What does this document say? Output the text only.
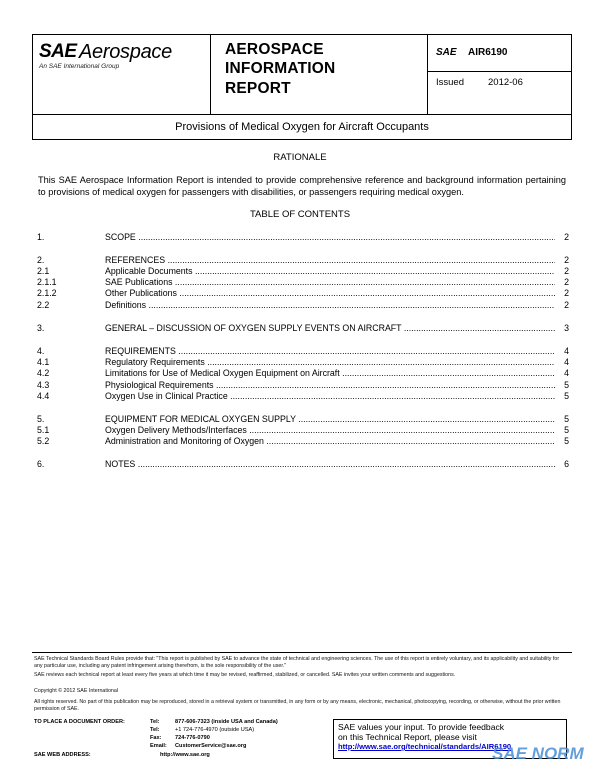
SAE Aerospace
An SAE International Group
AEROSPACE
INFORMATION
REPORT
SAE AIR6190
Issued	2012-06
Provisions of Medical Oxygen for Aircraft Occupants
RATIONALE
This SAE Aerospace Information Report is intended to provide comprehensive reference and background information pertaining to provisions of medical oxygen for passengers with disabilities, or passengers requiring medical oxygen.
TABLE OF CONTENTS
1.	SCOPE .....	2
2.	REFERENCES .....	2
2.1	Applicable Documents .....	2
2.1.1	SAE Publications .....	2
2.1.2	Other Publications .....	2
2.2	Definitions .....	2
3.	GENERAL – DISCUSSION OF OXYGEN SUPPLY EVENTS ON AIRCRAFT .....	3
4.	REQUIREMENTS .....	4
4.1	Regulatory Requirements .....	4
4.2	Limitations for Use of Medical Oxygen Equipment on Aircraft .....	4
4.3	Physiological Requirements .....	5
4.4	Oxygen Use in Clinical Practice .....	5
5.	EQUIPMENT FOR MEDICAL OXYGEN SUPPLY .....	5
5.1	Oxygen Delivery Methods/Interfaces .....	5
5.2	Administration and Monitoring of Oxygen .....	5
6.	NOTES .....	6
SAE Technical Standards Board Rules provide that: "This report is published by SAE to advance the state of technical and engineering sciences. The use of this report is entirely voluntary, and its applicability and suitability for any particular use, including any patent infringement arising therefrom, is the sole responsibility of the user."
SAE reviews each technical report at least every five years at which time it may be revised, reaffirmed, stabilized, or cancelled. SAE invites your written comments and suggestions.
Copyright © 2012 SAE International
All rights reserved. No part of this publication may be reproduced, stored in a retrieval system or transmitted, in any form or by any means, electronic, mechanical, photocopying, recording, or otherwise, without the prior written permission of SAE.
TO PLACE A DOCUMENT ORDER:	Tel:	877-606-7323 (inside USA and Canada)
Tel:	+1 724-776-4970 (outside USA)
Fax: 724-776-0790
Email: CustomerService@sae.org
SAE WEB ADDRESS:	http://www.sae.org
SAE values your input. To provide feedback
on this Technical Report, please visit
http://www.sae.org/technical/standards/AIR6190
SAE NORM
